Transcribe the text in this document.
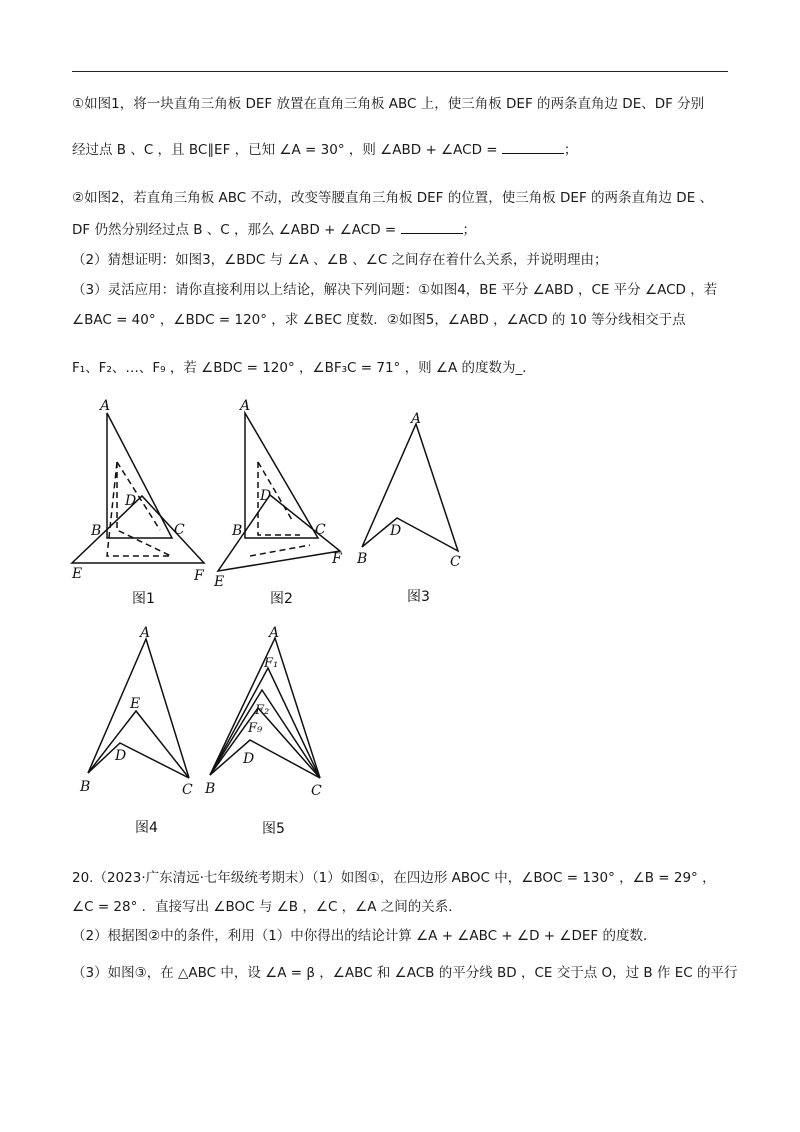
①如图1，将一块直角三角板 DEF 放置在直角三角板 ABC 上，使三角板 DEF 的两条直角边 DE、DF 分别
经过点 B 、C ，且 BC∥EF ，已知 ∠A = 30° ，则 ∠ABD + ∠ACD =	；
②如图2，若直角三角板 ABC 不动，改变等腰直角三角板 DEF 的位置，使三角板 DEF 的两条直角边 DE 、
DF 仍然分别经过点 B 、C ，那么 ∠ABD + ∠ACD =	；
（2）猜想证明：如图3，∠BDC 与 ∠A 、∠B 、∠C 之间存在着什么关系，并说明理由；
（3）灵活应用：请你直接利用以上结论，解决下列问题：①如图4，BE 平分 ∠ABD ，CE 平分 ∠ACD ，若
∠BAC = 40° ，∠BDC = 120° ，求 ∠BEC 度数．②如图5，∠ABD ，∠ACD 的 10 等分线相交于点
F₁、F₂、…、F₉ ，若 ∠BDC = 120° ，∠BF₃C = 71° ，则 ∠A 的度数为_．
A
B	C
D
E	F
图1
A
B	C
D
E
F
图2
A
B	C
D
图3
A
B	C
D
E
图4
A
B	C
D
F₁
F₂
F₉
图5
20.（2023·广东清远·七年级统考期末）（1）如图①，在四边形 ABOC 中，∠BOC = 130° ，∠B = 29° ，
∠C = 28° ．直接写出 ∠BOC 与 ∠B ，∠C ，∠A 之间的关系．
（2）根据图②中的条件，利用（1）中你得出的结论计算 ∠A + ∠ABC + ∠D + ∠DEF 的度数．
（3）如图③，在 △ABC 中，设 ∠A = β ，∠ABC 和 ∠ACB 的平分线 BD ，CE 交于点 O，过 B 作 EC 的平行
